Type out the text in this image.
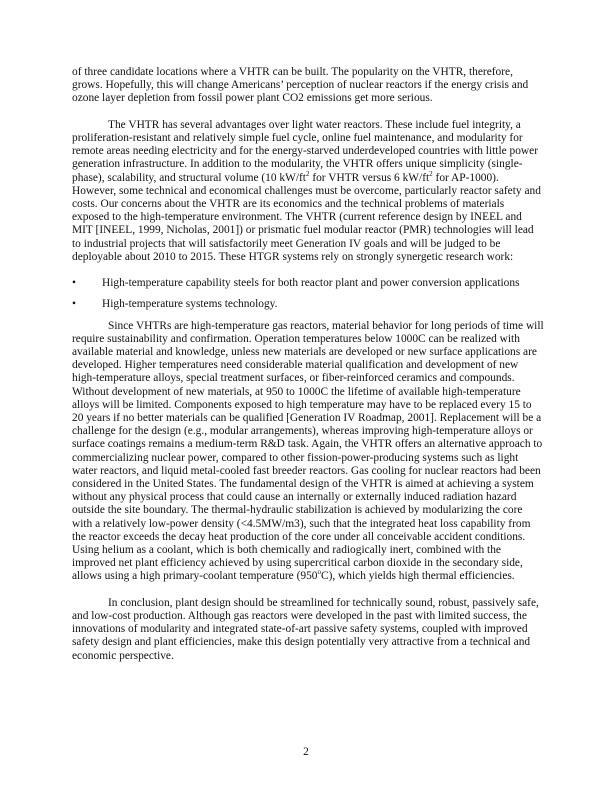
of three candidate locations where a VHTR can be built. The popularity on the VHTR, therefore, grows. Hopefully, this will change Americans’ perception of nuclear reactors if the energy crisis and ozone layer depletion from fossil power plant CO2 emissions get more serious.

The VHTR has several advantages over light water reactors. These include fuel integrity, a proliferation-resistant and relatively simple fuel cycle, online fuel maintenance, and modularity for remote areas needing electricity and for the energy-starved underdeveloped countries with little power generation infrastructure. In addition to the modularity, the VHTR offers unique simplicity (single-phase), scalability, and structural volume (10 $kW/ft^2$ for VHTR versus 6 $kW/ft^2$ for AP-1000). However, some technical and economical challenges must be overcome, particularly reactor safety and costs. Our concerns about the VHTR are its economics and the technical problems of materials exposed to the high-temperature environment. The VHTR (current reference design by INEEL and MIT [INEEL, 1999, Nicholas, 2001]) or prismatic fuel modular reactor (PMR) technologies will lead to industrial projects that will satisfactorily meet Generation IV goals and will be judged to be deployable about 2010 to 2015. These HTGR systems rely on strongly synergetic research work:

• High-temperature capability steels for both reactor plant and power conversion applications
• High-temperature systems technology.

Since VHTRs are high-temperature gas reactors, material behavior for long periods of time will require sustainability and confirmation. Operation temperatures below 1000C can be realized with available material and knowledge, unless new materials are developed or new surface applications are developed. Higher temperatures need considerable material qualification and development of new high-temperature alloys, special treatment surfaces, or fiber-reinforced ceramics and compounds. Without development of new materials, at 950 to 1000C the lifetime of available high-temperature alloys will be limited. Components exposed to high temperature may have to be replaced every 15 to 20 years if no better materials can be qualified [Generation IV Roadmap, 2001]. Replacement will be a challenge for the design (e.g., modular arrangements), whereas improving high-temperature alloys or surface coatings remains a medium-term R&D task. Again, the VHTR offers an alternative approach to commercializing nuclear power, compared to other fission-power-producing systems such as light water reactors, and liquid metal-cooled fast breeder reactors. Gas cooling for nuclear reactors had been considered in the United States. The fundamental design of the VHTR is aimed at achieving a system without any physical process that could cause an internally or externally induced radiation hazard outside the site boundary. The thermal-hydraulic stabilization is achieved by modularizing the core with a relatively low-power density (<4.5MW/m3), such that the integrated heat loss capability from the reactor exceeds the decay heat production of the core under all conceivable accident conditions. Using helium as a coolant, which is both chemically and radiogically inert, combined with the improved net plant efficiency achieved by using supercritical carbon dioxide in the secondary side, allows using a high primary-coolant temperature (950$^o$C), which yields high thermal efficiencies.

In conclusion, plant design should be streamlined for technically sound, robust, passively safe, and low-cost production. Although gas reactors were developed in the past with limited success, the innovations of modularity and integrated state-of-art passive safety systems, coupled with improved safety design and plant efficiencies, make this design potentially very attractive from a technical and economic perspective.

2
